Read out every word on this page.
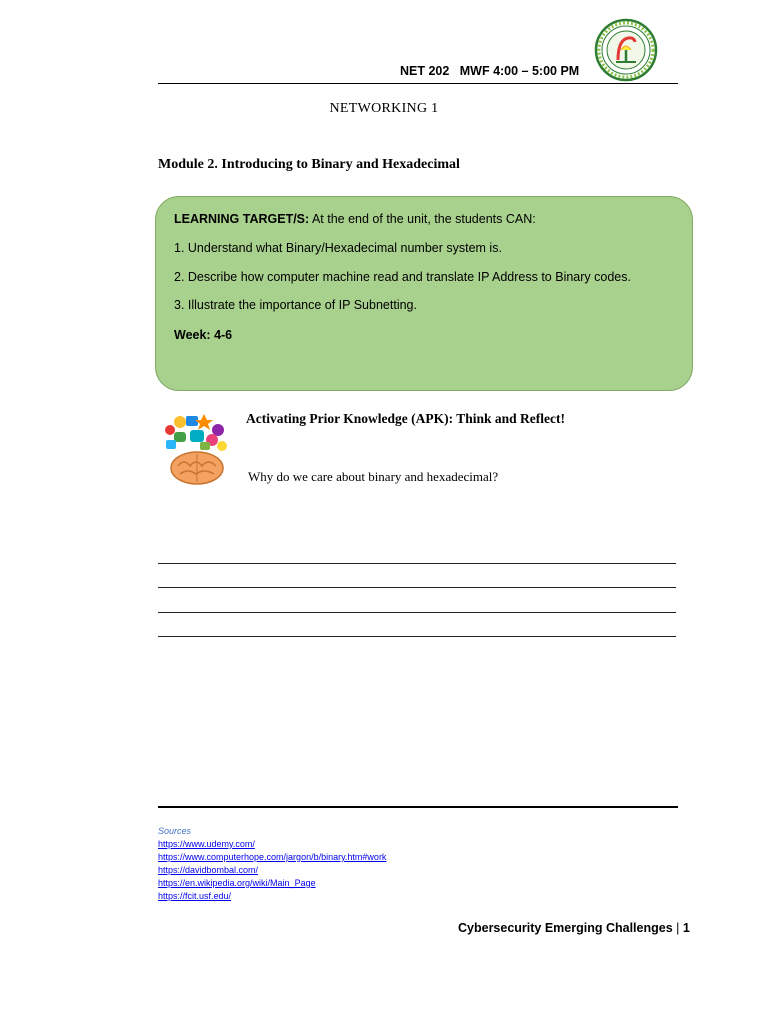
NET 202   MWF 4:00 – 5:00 PM
NETWORKING 1
Module 2. Introducing to Binary and Hexadecimal
LEARNING TARGET/S: At the end of the unit, the students CAN:
1. Understand what Binary/Hexadecimal number system is.
2. Describe how computer machine read and translate IP Address to Binary codes.
3. Illustrate the importance of IP Subnetting.
Week: 4-6
Activating Prior Knowledge (APK): Think and Reflect!
Why do we care about binary and hexadecimal?
Sources
https://www.udemy.com/
https://www.computerhope.com/jargon/b/binary.htm#work
https://davidbombal.com/
https://en.wikipedia.org/wiki/Main_Page
https://fcit.usf.edu/
Cybersecurity Emerging Challenges | 1
